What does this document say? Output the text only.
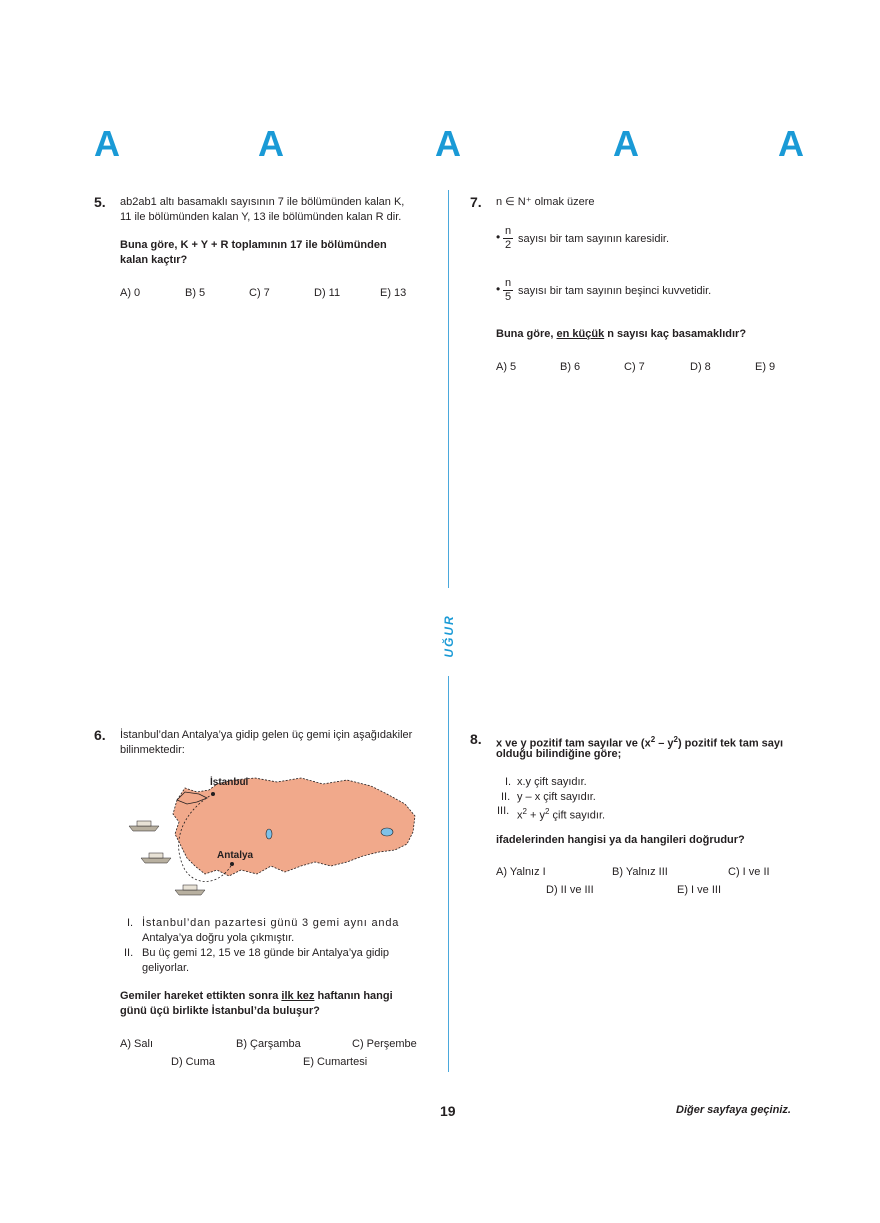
A	A	A	A	A
UĞUR
5. ab2ab1 altı basamaklı sayısının 7 ile bölümünden kalan K,
11 ile bölümünden kalan Y, 13 ile bölümünden kalan R dir.
Buna göre, K + Y + R toplamının 17 ile bölümünden
kalan kaçtır?
A) 0	B) 5	C) 7	D) 11	E) 13
7. n ∈ N⁺ olmak üzere
• n
2 sayısı bir tam sayının karesidir.
• n
5 sayısı bir tam sayının beşinci kuvvetidir.
Buna göre, en küçük n sayısı kaç basamaklıdır?
A) 5	B) 6	C) 7	D) 8	E) 9
6. İstanbul’dan Antalya’ya gidip gelen üç gemi için aşağıdakiler
bilinmektedir:
İstanbul
Antalya
I. İstanbul’dan pazartesi günü 3 gemi aynı anda
Antalya’ya doğru yola çıkmıştır.
II. Bu üç gemi 12, 15 ve 18 günde bir Antalya’ya gidip
geliyorlar.
Gemiler hareket ettikten sonra ilk kez haftanın hangi
günü üçü birlikte İstanbul’da buluşur?
A) Salı	B) Çarşamba	C) Perşembe
D) Cuma	E) Cumartesi
8. x ve y pozitif tam sayılar ve $(x^2 - y^2)$ pozitif tek tam sayı
olduğu bilindiğine göre;
I. x.y çift sayıdır.
II. y – x çift sayıdır.
III. $x^2 + y^2$ çift sayıdır.
ifadelerinden hangisi ya da hangileri doğrudur?
A) Yalnız I	B) Yalnız III	C) I ve II
D) II ve III	E) I ve III
19	Diğer sayfaya geçiniz.
